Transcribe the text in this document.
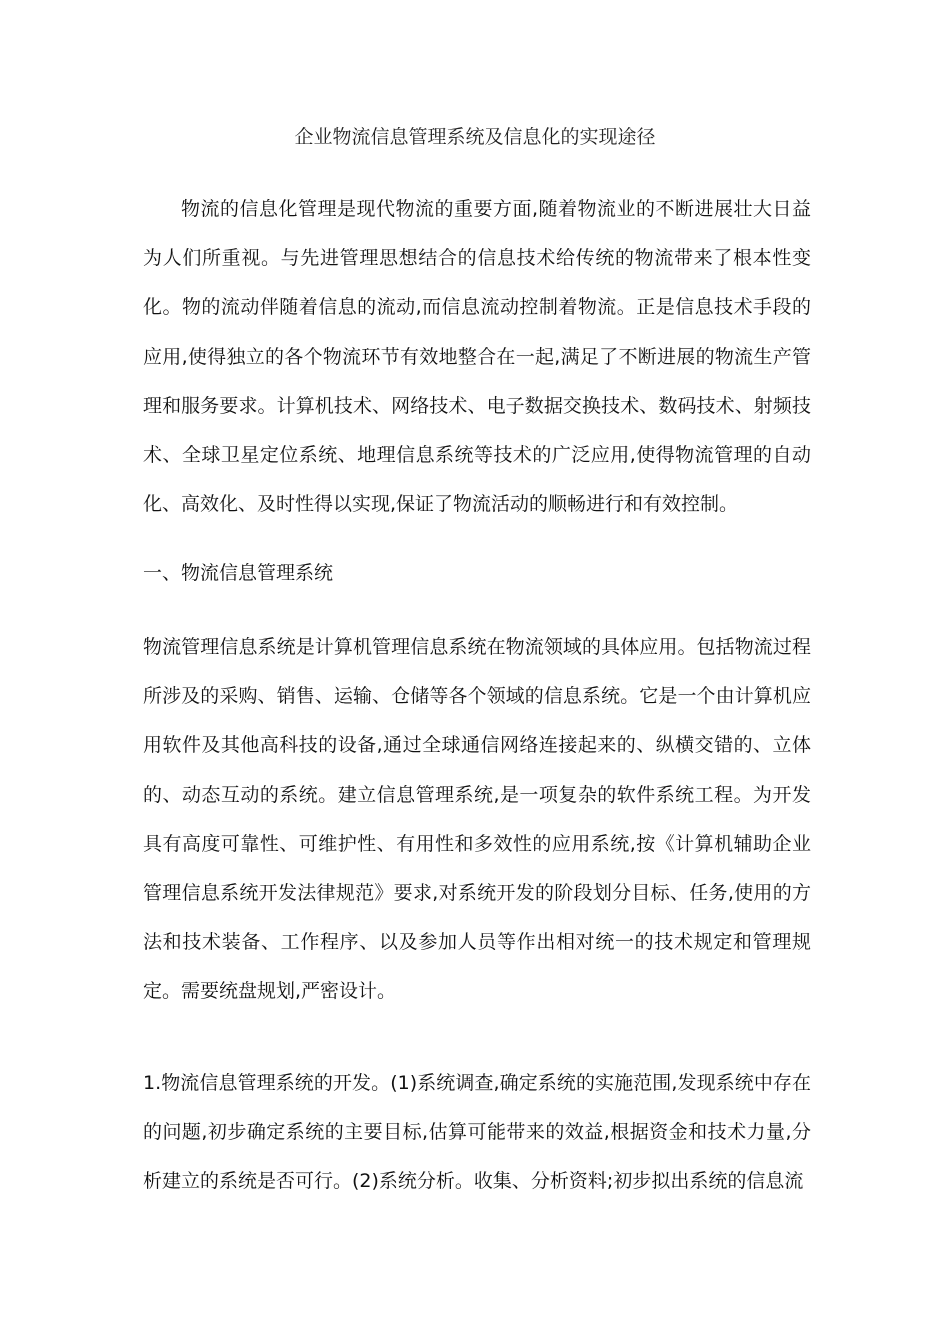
企业物流信息管理系统及信息化的实现途径

物流的信息化管理是现代物流的重要方面,随着物流业的不断进展壮大日益为人们所重视。与先进管理思想结合的信息技术给传统的物流带来了根本性变化。物的流动伴随着信息的流动,而信息流动控制着物流。正是信息技术手段的应用,使得独立的各个物流环节有效地整合在一起,满足了不断进展的物流生产管理和服务要求。计算机技术、网络技术、电子数据交换技术、数码技术、射频技术、全球卫星定位系统、地理信息系统等技术的广泛应用,使得物流管理的自动化、高效化、及时性得以实现,保证了物流活动的顺畅进行和有效控制。

一、物流信息管理系统

物流管理信息系统是计算机管理信息系统在物流领域的具体应用。包括物流过程所涉及的采购、销售、运输、仓储等各个领域的信息系统。它是一个由计算机应用软件及其他高科技的设备,通过全球通信网络连接起来的、纵横交错的、立体的、动态互动的系统。建立信息管理系统,是一项复杂的软件系统工程。为开发具有高度可靠性、可维护性、有用性和多效性的应用系统,按《计算机辅助企业管理信息系统开发法律规范》要求,对系统开发的阶段划分目标、任务,使用的方法和技术装备、工作程序、以及参加人员等作出相对统一的技术规定和管理规定。需要统盘规划,严密设计。

1.物流信息管理系统的开发。(1)系统调查,确定系统的实施范围,发现系统中存在的问题,初步确定系统的主要目标,估算可能带来的效益,根据资金和技术力量,分析建立的系统是否可行。(2)系统分析。收集、分析资料;初步拟出系统的信息流
